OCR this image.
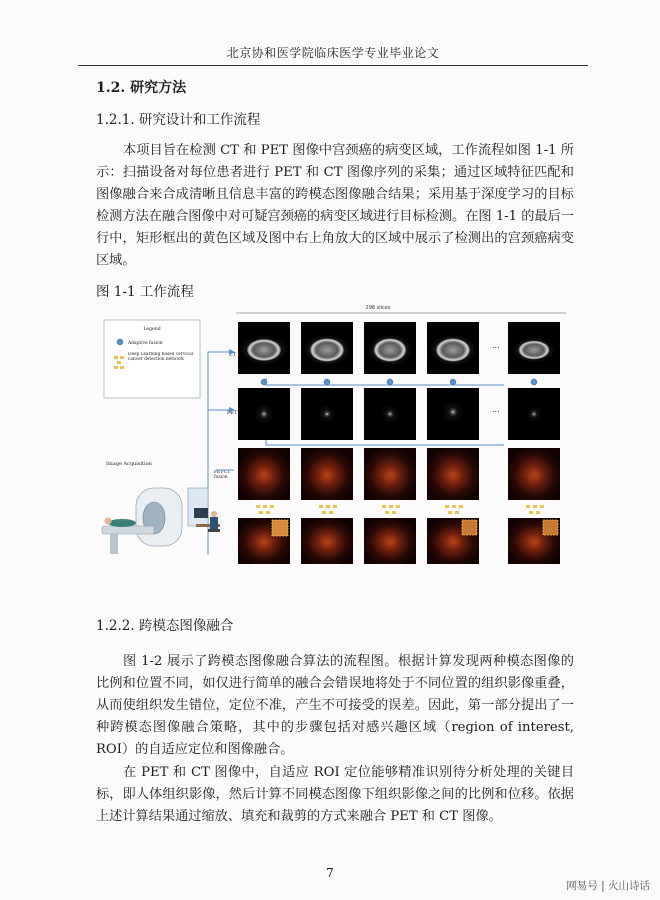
北京协和医学院临床医学专业毕业论文
1.2. 研究方法
1.2.1. 研究设计和工作流程
本项目旨在检测 CT 和 PET 图像中宫颈癌的病变区域，工作流程如图 1-1 所示：扫描设备对每位患者进行 PET 和 CT 图像序列的采集；通过区域特征匹配和图像融合来合成清晰且信息丰富的跨模态图像融合结果；采用基于深度学习的目标检测方法在融合图像中对可疑宫颈癌的病变区域进行目标检测。在图 1-1 的最后一行中，矩形框出的黄色区域及图中右上角放大的区域中展示了检测出的宫颈癌病变区域。
图 1-1 工作流程
298 slices
Legend
Adaptive fusion
Deep Learning based cervical cancer detection network
CT
PET
PET-CT fusion
Image Acquisition
...
...
1.2.2. 跨模态图像融合
图 1-2 展示了跨模态图像融合算法的流程图。根据计算发现两种模态图像的比例和位置不同，如仅进行简单的融合会错误地将处于不同位置的组织影像重叠，从而使组织发生错位，定位不准，产生不可接受的误差。因此，第一部分提出了一种跨模态图像融合策略，其中的步骤包括对感兴趣区域（region of interest, ROI）的自适应定位和图像融合。
在 PET 和 CT 图像中，自适应 ROI 定位能够精准识别待分析处理的关键目标，即人体组织影像，然后计算不同模态图像下组织影像之间的比例和位移。依据上述计算结果通过缩放、填充和裁剪的方式来融合 PET 和 CT 图像。
7
网易号 | 火山诗话
